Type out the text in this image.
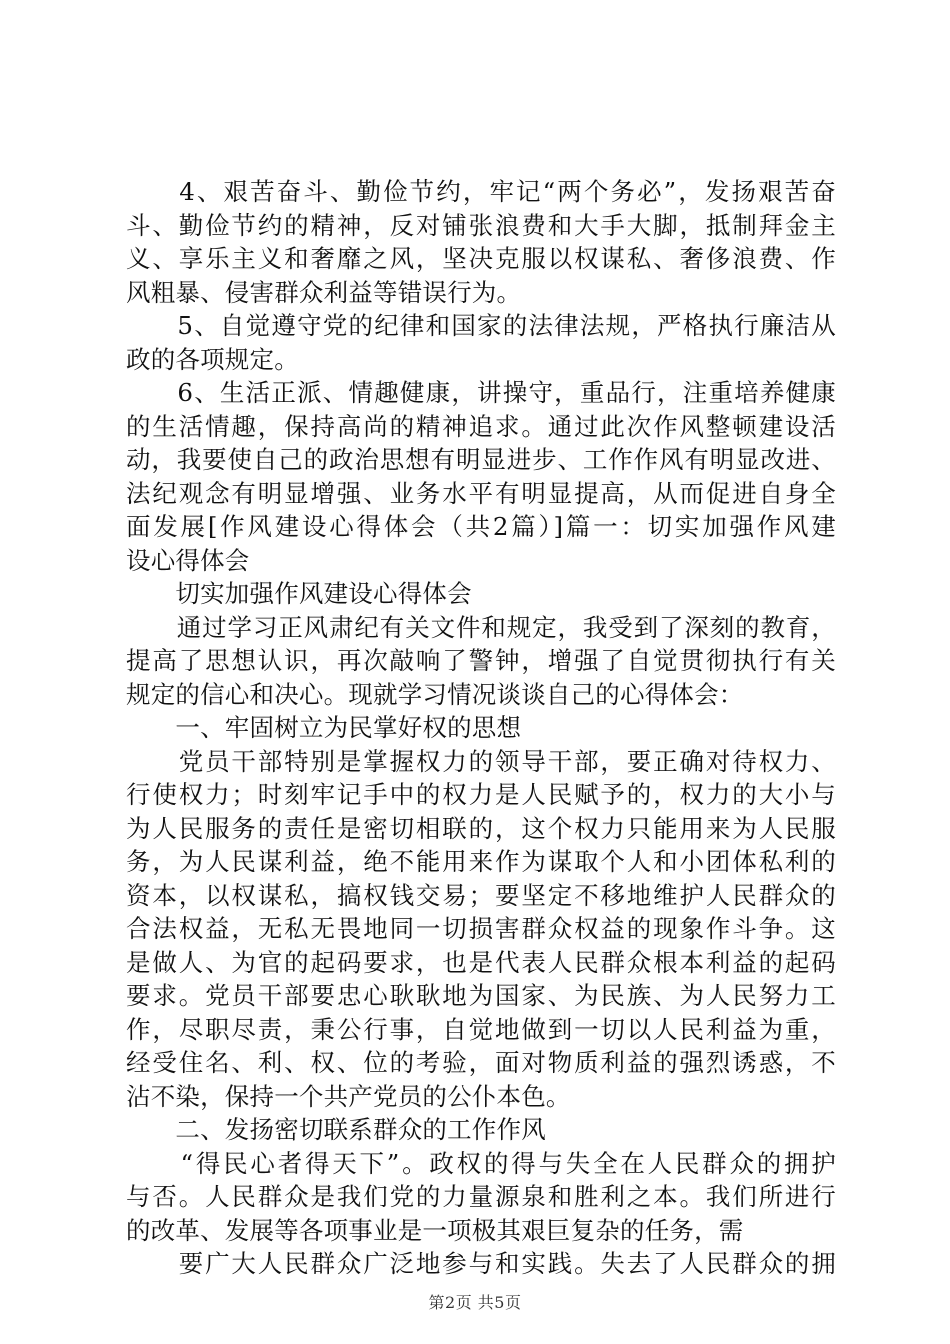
　　4、艰苦奋斗、勤俭节约，牢记“两个务必”，发扬艰苦奋
斗、勤俭节约的精神，反对铺张浪费和大手大脚，抵制拜金主
义、享乐主义和奢靡之风，坚决克服以权谋私、奢侈浪费、作
风粗暴、侵害群众利益等错误行为。
　　5、自觉遵守党的纪律和国家的法律法规，严格执行廉洁从
政的各项规定。
　　6、生活正派、情趣健康，讲操守，重品行，注重培养健康
的生活情趣，保持高尚的精神追求。通过此次作风整顿建设活
动，我要使自己的政治思想有明显进步、工作作风有明显改进、
法纪观念有明显增强、业务水平有明显提高，从而促进自身全
面发展[作风建设心得体会（共2篇）]篇一：切实加强作风建
设心得体会
　　切实加强作风建设心得体会
　　通过学习正风肃纪有关文件和规定，我受到了深刻的教育，
提高了思想认识，再次敲响了警钟，增强了自觉贯彻执行有关
规定的信心和决心。现就学习情况谈谈自己的心得体会：
　　一、牢固树立为民掌好权的思想
　　党员干部特别是掌握权力的领导干部，要正确对待权力、
行使权力；时刻牢记手中的权力是人民赋予的，权力的大小与
为人民服务的责任是密切相联的，这个权力只能用来为人民服
务，为人民谋利益，绝不能用来作为谋取个人和小团体私利的
资本，以权谋私，搞权钱交易；要坚定不移地维护人民群众的
合法权益，无私无畏地同一切损害群众权益的现象作斗争。这
是做人、为官的起码要求，也是代表人民群众根本利益的起码
要求。党员干部要忠心耿耿地为国家、为民族、为人民努力工
作，尽职尽责，秉公行事，自觉地做到一切以人民利益为重，
经受住名、利、权、位的考验，面对物质利益的强烈诱惑，不
沾不染，保持一个共产党员的公仆本色。
　　二、发扬密切联系群众的工作作风
　　“得民心者得天下”。政权的得与失全在人民群众的拥护
与否。人民群众是我们党的力量源泉和胜利之本。我们所进行
的改革、发展等各项事业是一项极其艰巨复杂的任务，需
　　要广大人民群众广泛地参与和实践。失去了人民群众的拥
第2页 共5页
